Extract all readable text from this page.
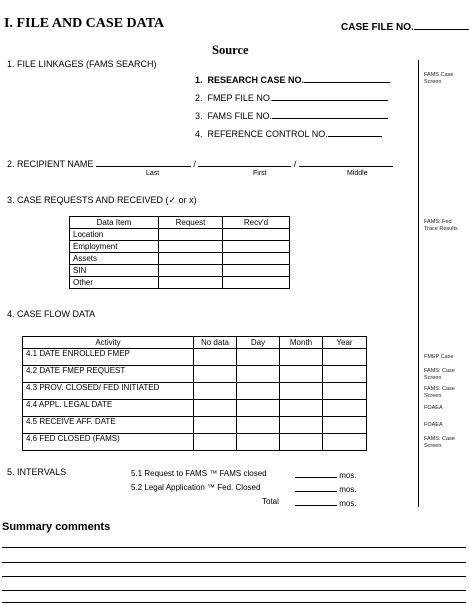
I. FILE AND CASE DATA	CASE FILE NO.
Source
1. FILE LINKAGES (FAMS SEARCH)
1. RESEARCH CASE NO.
2. FMEP FILE NO.
3. FAMS FILE NO.
4. REFERENCE CONTROL NO.
FAMS Case Screen
2. RECIPIENT NAME	/	/
Last	First	Middle
3. CASE REQUESTS AND RECEIVED (✓ or x)
FAMS: Fed Trace Results
Data Item	Request	Recv'd
Location		
Employment		
Assets		
SIN		
Other		
4. CASE FLOW DATA
Activity	No data	Day	Month	Year
4.1 DATE ENROLLED FMEP				
4.2 DATE FMEP REQUEST				
4.3 PROV. CLOSED/ FED INITIATED				
4.4 APPL. LEGAL DATE				
4.5 RECEIVE AFF. DATE				
4.6 FED CLOSED (FAMS)				
FMEP Case
FAMS: Case Screen
FAMS: Case Screen
FOAEA
FOAEA
FAMS: Case Screen
5. INTERVALS	5.1 Request to FAMS ™ FAMS closed	mos.
5.2 Legal Application ™ Fed. Closed	mos.
Total	mos.
Summary comments
